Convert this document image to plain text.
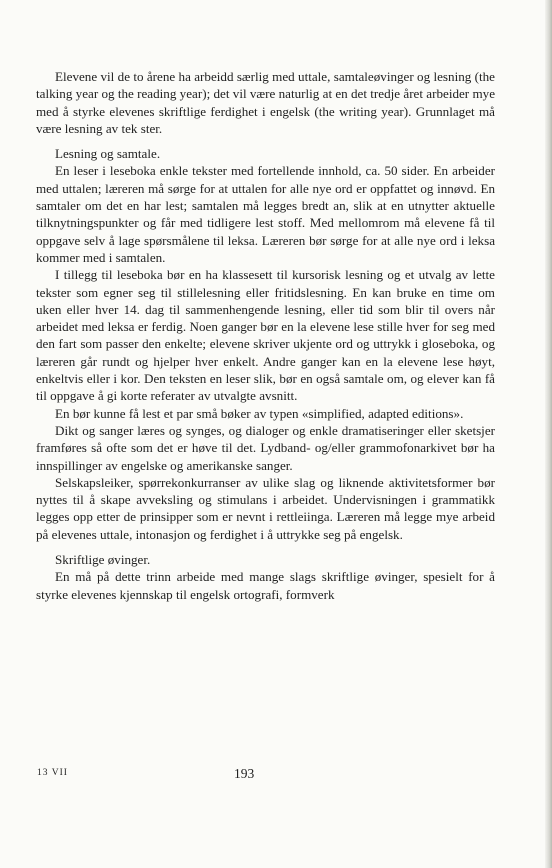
Elevene vil de to årene ha arbeidd særlig med uttale, samtaleøvinger og lesning (the talking year og the reading year); det vil være naturlig at en det tredje året arbeider mye med å styrke elevenes skriftlige ferdighet i engelsk (the writing year). Grunnlaget må være lesning av tek ster.

Lesning og samtale.

En leser i leseboka enkle tekster med fortellende innhold, ca. 50 sider. En arbeider med uttalen; læreren må sørge for at uttalen for alle nye ord er oppfattet og innøvd. En samtaler om det en har lest; samtalen må legges bredt an, slik at en utnytter aktuelle tilknytningspunkter og får med tidligere lest stoff. Med mellomrom må elevene få til oppgave selv å lage spørsmålene til leksa. Læreren bør sørge for at alle nye ord i leksa kommer med i samtalen.

I tillegg til leseboka bør en ha klassesett til kursorisk lesning og et utvalg av lette tekster som egner seg til stillelesning eller fritidslesning. En kan bruke en time om uken eller hver 14. dag til sammenhengende lesning, eller tid som blir til overs når arbeidet med leksa er ferdig. Noen ganger bør en la elevene lese stille hver for seg med den fart som passer den enkelte; elevene skriver ukjente ord og uttrykk i gloseboka, og læreren går rundt og hjelper hver enkelt. Andre ganger kan en la elevene lese høyt, enkeltvis eller i kor. Den teksten en leser slik, bør en også samtale om, og elever kan få til oppgave å gi korte referater av utvalgte avsnitt.

En bør kunne få lest et par små bøker av typen «simplified, adapted editions».

Dikt og sanger læres og synges, og dialoger og enkle dramatiseringer eller sketsjer framføres så ofte som det er høve til det. Lydband- og/eller grammofonarkivet bør ha innspillinger av engelske og amerikanske sanger.

Selskapsleiker, spørrekonkurranser av ulike slag og liknende aktivitetsformer bør nyttes til å skape avveksling og stimulans i arbeidet. Undervisningen i grammatikk legges opp etter de prinsipper som er nevnt i rettleiinga. Læreren må legge mye arbeid på elevenes uttale, intonasjon og ferdighet i å uttrykke seg på engelsk.

Skriftlige øvinger.

En må på dette trinn arbeide med mange slags skriftlige øvinger, spesielt for å styrke elevenes kjennskap til engelsk ortografi, formverk

13 VII	193
